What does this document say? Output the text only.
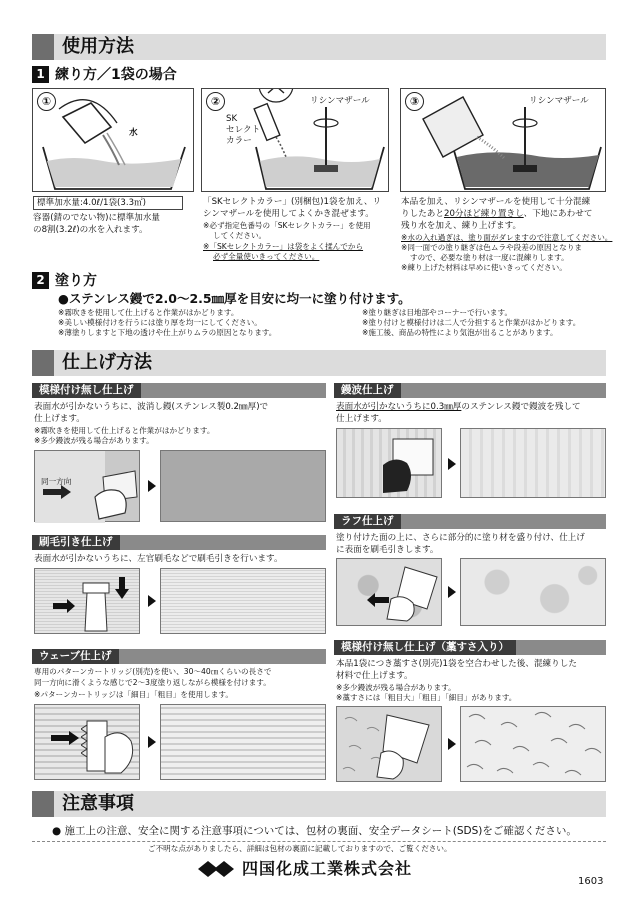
使用方法
1 練り方／1袋の場合
①
水
②
SK
セレクト
カラー
リシンマザール	③	リシンマザール
標準加水量:4.0ℓ/1袋(3.3㎡)
容器(錆のでない物)に標準加水量
の8割(3.2ℓ)の水を入れます。
「SKセレクトカラー」(別梱包)1袋を加え、リ
シンマザールを使用してよくかき混ぜます。
※必ず指定色番号の「SKセレクトカラー」を使用
してください。
※「SKセレクトカラー」は袋をよく揉んでから
必ず全量使いきってください。
本品を加え、リシンマザールを使用して十分混練
りしたあと20分ほど練り置きし、下地にあわせて
残り水を加え、練り上げます。
※水の入れ過ぎは、塗り面がダレますので注意してください。
※同一面での塗り継ぎは色ムラや段差の原因となりま
すので、必要な塗り材は一度に混練りします。
※練り上げた材料は早めに使いきってください。
2 塗り方
●ステンレス鏝で2.0～2.5㎜厚を目安に均一に塗り付けます。
※霧吹きを使用して仕上げると作業がはかどります。
※美しい模様付けを行うには塗り厚を均一にしてください。
※薄塗りしますと下地の透けや仕上がりムラの原因となります。
※塗り継ぎは目地部やコーナーで行います。
※塗り付けと模様付けは二人で分担すると作業がはかどります。
※施工後、商品の特性により気泡が出ることがあります。
仕上げ方法
模様付け無し仕上げ
表面水が引かないうちに、波消し鏝(ステンレス製0.2㎜厚)で
仕上げます。
※霧吹きを使用して仕上げると作業がはかどります。
※多少鏝波が残る場合があります。
同一方向
刷毛引き仕上げ
表面水が引かないうちに、左官刷毛などで刷毛引きを行います。
ウェーブ仕上げ
専用のパターンカートリッジ(別売)を使い、30～40㎝くらいの長さで
同一方向に滑くような感じで2～3度塗り返しながら模様を付けます。
※パターンカートリッジは「細目」「粗目」を使用します。
鏝波仕上げ
表面水が引かないうちに0.3㎜厚のステンレス鏝で鏝波を残して
仕上げます。
ラフ仕上げ
塗り付けた面の上に、さらに部分的に塗り材を盛り付け、仕上げ
に表面を刷毛引きします。
模様付け無し仕上げ（藁すさ入り）
本品1袋につき藁すさ(別売)1袋を空合わせした後、混練りした
材料で仕上げます。
※多少鏝波が残る場合があります。
※藁すさには「粗目大」「粗目」「細目」があります。
注意事項
● 施工上の注意、安全に関する注意事項については、包材の裏面、安全データシート(SDS)をご確認ください。
ご不明な点がありましたら、詳細は包材の裏面に記載しておりますので、ご覧ください。
四国化成工業株式会社
1603
